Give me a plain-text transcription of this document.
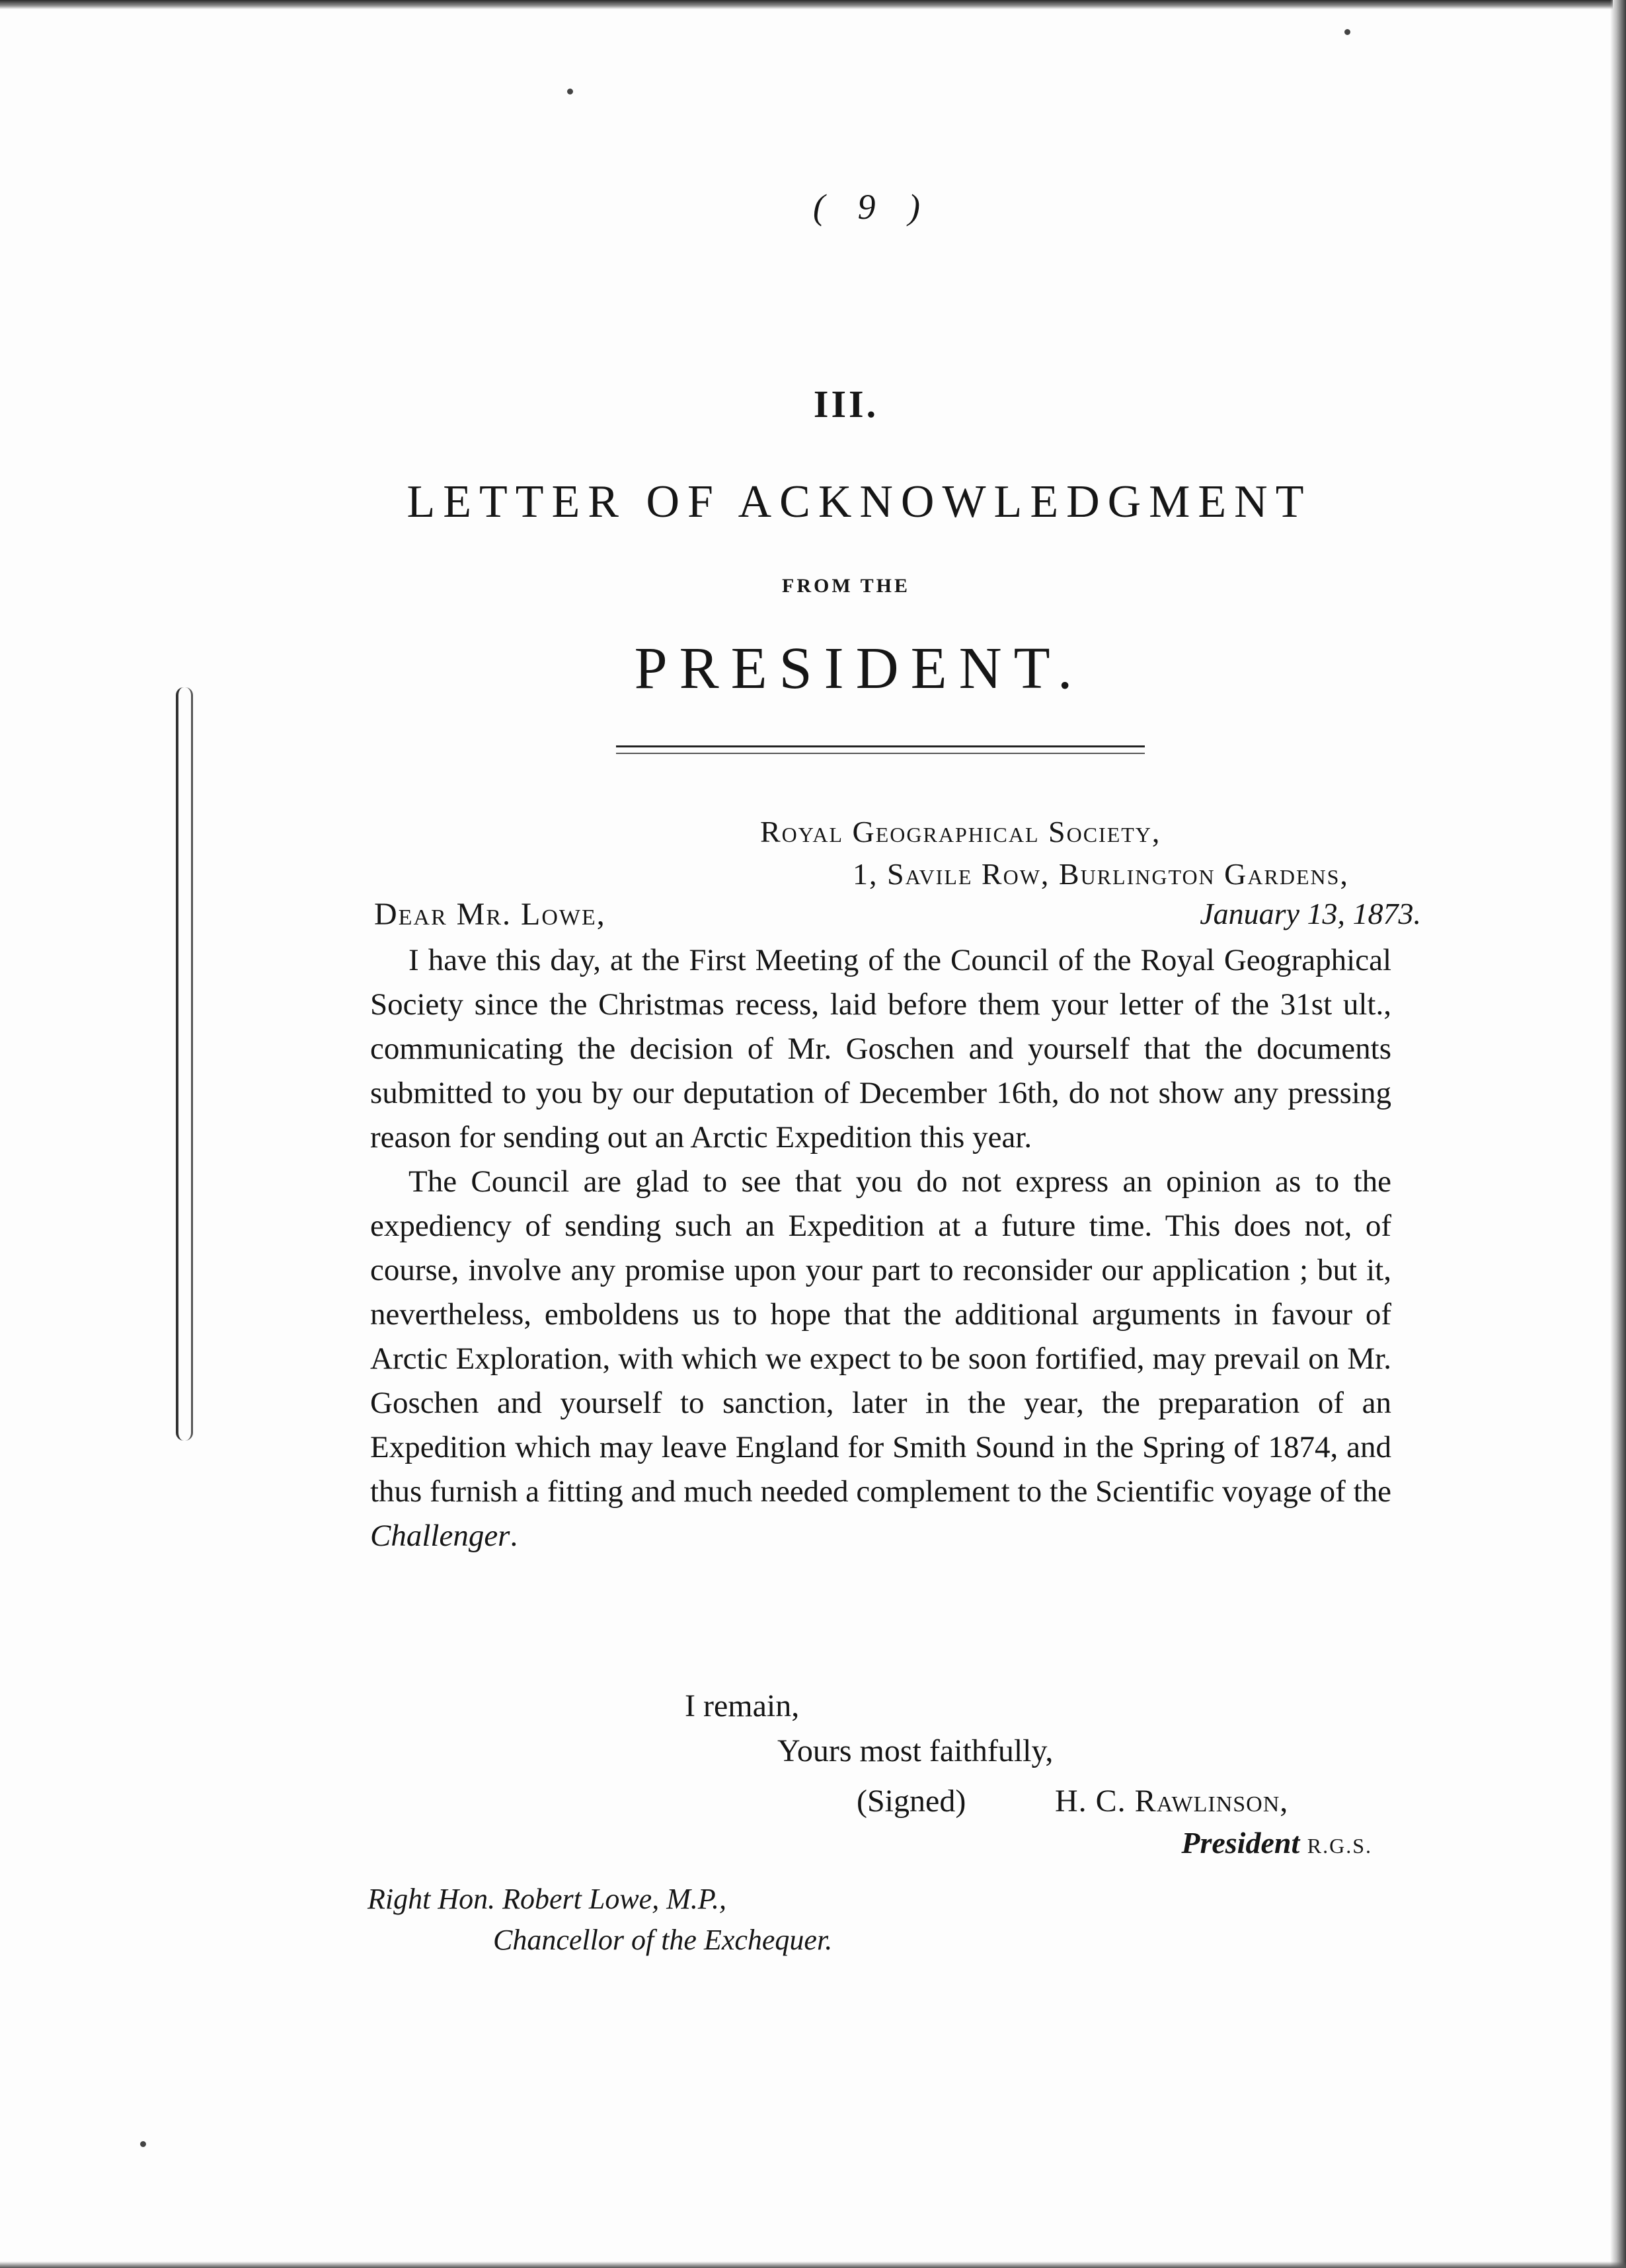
( 9 )
III.
LETTER OF ACKNOWLEDGMENT
FROM THE
PRESIDENT.
Royal Geographical Society,
1, Savile Row, Burlington Gardens,
Dear Mr. Lowe,	January 13, 1873.

I have this day, at the First Meeting of the Council of the Royal Geographical Society since the Christmas recess, laid before them your letter of the 31st ult., communicating the decision of Mr. Goschen and yourself that the documents submitted to you by our deputation of December 16th, do not show any pressing reason for sending out an Arctic Expedition this year.

The Council are glad to see that you do not express an opinion as to the expediency of sending such an Expedition at a future time. This does not, of course, involve any promise upon your part to reconsider our application ; but it, nevertheless, emboldens us to hope that the additional arguments in favour of Arctic Exploration, with which we expect to be soon fortified, may prevail on Mr. Goschen and yourself to sanction, later in the year, the preparation of an Expedition which may leave England for Smith Sound in the Spring of 1874, and thus furnish a fitting and much needed complement to the Scientific voyage of the Challenger.

I remain,
Yours most faithfully,
(Signed)	H. C. Rawlinson,
President R.G.S.
Right Hon. Robert Lowe, M.P.,
Chancellor of the Exchequer.
